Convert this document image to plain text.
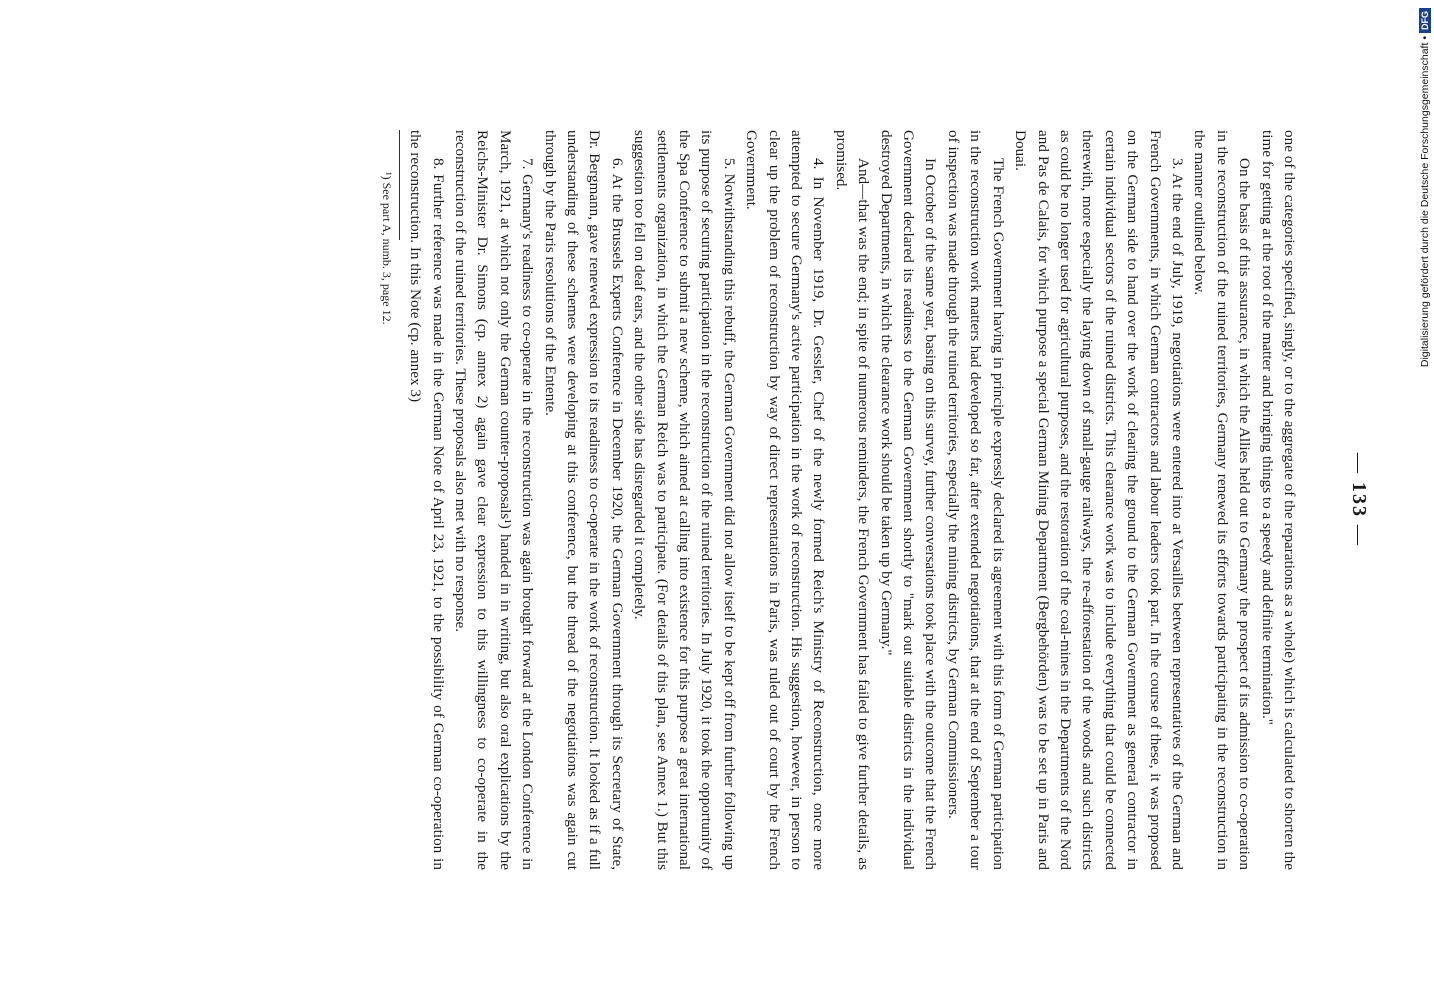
— 133 —

one of the categories specified, singly, or to the aggregate of the reparations as a whole) which is calculated to shorten the time for getting at the root of the matter and bringing things to a speedy and definite termination."

On the basis of this assurance, in which the Allies held out to Germany the prospect of its admission to co-operation in the reconstruction of the ruined territories, Germany renewed its efforts towards participating in the reconstruction in the manner outlined below.

3. At the end of July, 1919, negotiations were entered into at Versailles between representatives of the German and French Governments, in which German contractors and labour leaders took part. In the course of these, it was proposed on the German side to hand over the work of clearing the ground to the German Government as general contractor in certain individual sectors of the ruined districts. This clearance work was to include everything that could be connected therewith, more especially the laying down of small-gauge railways, the re-afforestation of the woods and such districts as could be no longer used for agricultural purposes, and the restoration of the coal-mines in the Departments of the Nord and Pas de Calais, for which purpose a special German Mining Department (Bergbehörden) was to be set up in Paris and Douai.

The French Government having in principle expressly declared its agreement with this form of German participation in the reconstruction work matters had developed so far, after extended negotiations, that at the end of September a tour of inspection was made through the ruined territories, especially the mining districts, by German Commissioners.

In October of the same year, basing on this survey, further conversations took place with the outcome that the French Government declared its readiness to the German Government shortly to "mark out suitable districts in the individual destroyed Departments, in which the clearance work should be taken up by Germany."

And—that was the end; in spite of numerous reminders, the French Government has failed to give further details, as promised.

4. In November 1919, Dr. Gessler, Chef of the newly formed Reich's Ministry of Reconstruction, once more attempted to secure Germany's active participation in the work of reconstruction. His suggestion, however, in person to clear up the problem of reconstruction by way of direct representations in Paris, was ruled out of court by the French Government.

5. Notwithstanding this rebuff, the German Government did not allow itself to be kept off from further following up its purpose of securing participation in the reconstruction of the ruined territories. In July 1920, it took the opportunity of the Spa Conference to submit a new scheme, which aimed at calling into existence for this purpose a great international settlements organization, in which the German Reich was to participate. (For details of this plan, see Annex 1.) But this suggestion too fell on deaf ears, and the other side has disregarded it completely.

6. At the Brussels Experts Conference in December 1920, the German Government through its Secretary of State, Dr. Bergmann, gave renewed expression to its readiness to co-operate in the work of reconstruction. It looked as if a full understanding of these schemes were developing at this conference, but the thread of the negotiations was again cut through by the Paris resolutions of the Entente.

7. Germany's readiness to co-operate in the reconstruction was again brought forward at the London Conference in March, 1921, at which not only the German counter-proposals¹) handed in in writing, but also oral explications by the Reichs-Minister Dr. Simons (cp. annex 2) again gave clear expression to this willingness to co-operate in the reconstruction of the ruined territories. These proposals also met with no response.

8. Further reference was made in the German Note of April 23, 1921, to the possibility of German co-operation in the reconstruction. In this Note (cp. annex 3)

¹) See part A, numb. 3, page 12.	Digitalisierung gefördert durch die Deutsche Forschungsgemeinschaft •
DFG
